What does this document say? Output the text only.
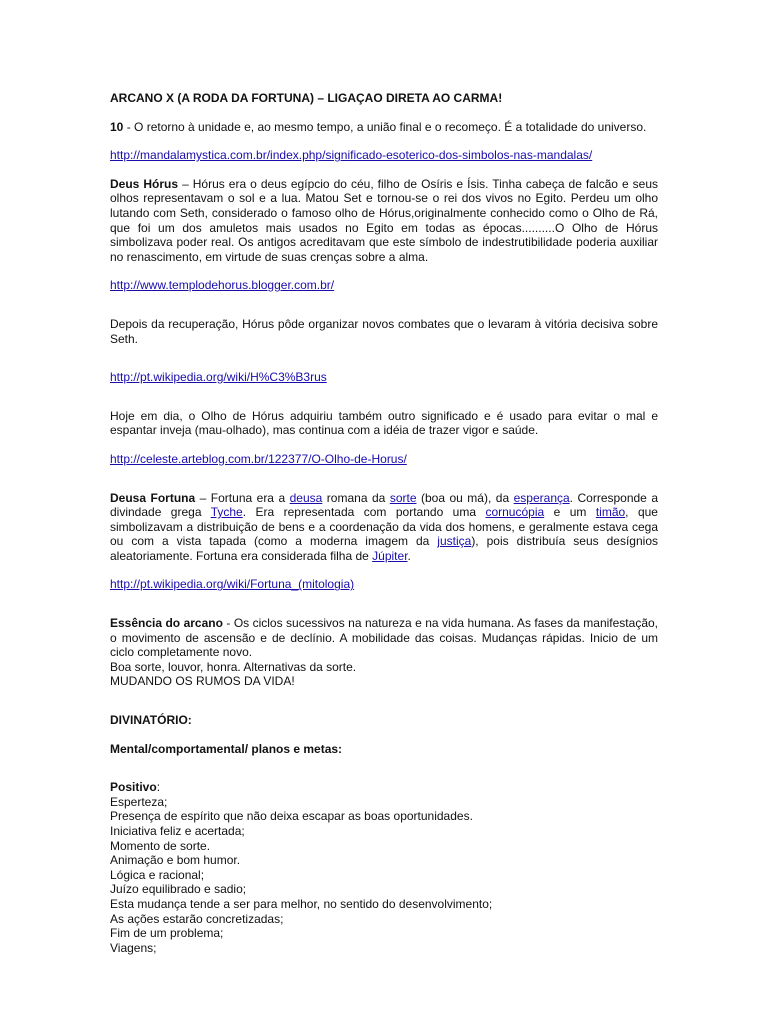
ARCANO X (A RODA DA FORTUNA) – LIGAÇAO DIRETA AO CARMA!

10 - O retorno à unidade e, ao mesmo tempo, a união final e o recomeço. É a totalidade do universo.

http://mandalamystica.com.br/index.php/significado-esoterico-dos-simbolos-nas-mandalas/

Deus Hórus – Hórus era o deus egípcio do céu, filho de Osíris e Ísis. Tinha cabeça de falcão e seus olhos representavam o sol e a lua. Matou Set e tornou-se o rei dos vivos no Egito. Perdeu um olho lutando com Seth, considerado o famoso olho de Hórus,originalmente conhecido como o Olho de Rá, que foi um dos amuletos mais usados no Egito em todas as épocas..........O Olho de Hórus simbolizava poder real. Os antigos acreditavam que este símbolo de indestrutibilidade poderia auxiliar no renascimento, em virtude de suas crenças sobre a alma.

http://www.templodehorus.blogger.com.br/

Depois da recuperação, Hórus pôde organizar novos combates que o levaram à vitória decisiva sobre Seth.

http://pt.wikipedia.org/wiki/H%C3%B3rus

Hoje em dia, o Olho de Hórus adquiriu também outro significado e é usado para evitar o mal e espantar inveja (mau-olhado), mas continua com a idéia de trazer vigor e saúde.

http://celeste.arteblog.com.br/122377/O-Olho-de-Horus/

Deusa Fortuna – Fortuna era a deusa romana da sorte (boa ou má), da esperança. Corresponde a divindade grega Tyche. Era representada com portando uma cornucópia e um timão, que simbolizavam a distribuição de bens e a coordenação da vida dos homens, e geralmente estava cega ou com a vista tapada (como a moderna imagem da justiça), pois distribuía seus desígnios aleatoriamente. Fortuna era considerada filha de Júpiter.

http://pt.wikipedia.org/wiki/Fortuna_(mitologia)

Essência do arcano - Os ciclos sucessivos na natureza e na vida humana. As fases da manifestação, o movimento de ascensão e de declínio. A mobilidade das coisas. Mudanças rápidas. Inicio de um ciclo completamente novo.

Boa sorte, louvor, honra. Alternativas da sorte.

MUDANDO OS RUMOS DA VIDA!

DIVINATÓRIO:

Mental/comportamental/ planos e metas:

Positivo:

Esperteza;
Presença de espírito que não deixa escapar as boas oportunidades.
Iniciativa feliz e acertada;
Momento de sorte.
Animação e bom humor.
Lógica e racional;
Juízo equilibrado e sadio;
Esta mudança tende a ser para melhor, no sentido do desenvolvimento;
As ações estarão concretizadas;
Fim de um problema;
Viagens;
